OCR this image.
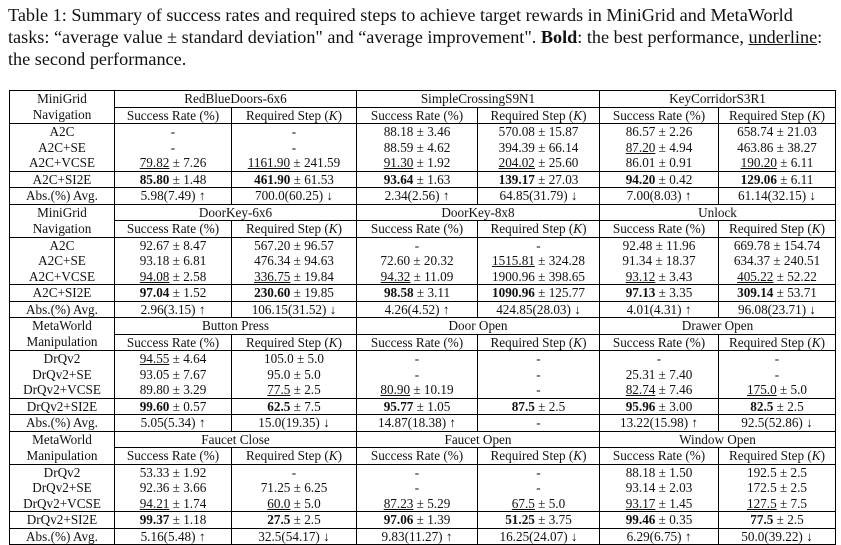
Table 1: Summary of success rates and required steps to achieve target rewards in MiniGrid and MetaWorld tasks: “average value ± standard deviation" and “average improvement". Bold: the best performance, underline: the second performance.
MiniGrid	RedBlueDoors-6x6		SimpleCrossingS9N1		KeyCorridorS3R1	
Navigation	Success Rate (%)	Required Step (K)	Success Rate (%)	Required Step (K)	Success Rate (%)	Required Step (K)
A2C	-	-	88.18 ± 3.46	570.08 ± 15.87	86.57 ± 2.26	658.74 ± 21.03
A2C+SE	-	-	88.59 ± 4.62	394.39 ± 66.14	87.20 ± 4.94	463.86 ± 38.27
A2C+VCSE	79.82 ± 7.26	1161.90 ± 241.59	91.30 ± 1.92	204.02 ± 25.60	86.01 ± 0.91	190.20 ± 6.11
A2C+SI2E	85.80 ± 1.48	461.90 ± 61.53	93.64 ± 1.63	139.17 ± 27.03	94.20 ± 0.42	129.06 ± 6.11
Abs.(%) Avg.	5.98(7.49) ↑	700.0(60.25) ↓	2.34(2.56) ↑	64.85(31.79) ↓	7.00(8.03) ↑	61.14(32.15) ↓
MiniGrid	DoorKey-6x6		DoorKey-8x8		Unlock	
Navigation	Success Rate (%)	Required Step (K)	Success Rate (%)	Required Step (K)	Success Rate (%)	Required Step (K)
A2C	92.67 ± 8.47	567.20 ± 96.57	-	-	92.48 ± 11.96	669.78 ± 154.74
A2C+SE	93.18 ± 6.81	476.34 ± 94.63	72.60 ± 20.32	1515.81 ± 324.28	91.34 ± 18.37	634.37 ± 240.51
A2C+VCSE	94.08 ± 2.58	336.75 ± 19.84	94.32 ± 11.09	1900.96 ± 398.65	93.12 ± 3.43	405.22 ± 52.22
A2C+SI2E	97.04 ± 1.52	230.60 ± 19.85	98.58 ± 3.11	1090.96 ± 125.77	97.13 ± 3.35	309.14 ± 53.71
Abs.(%) Avg.	2.96(3.15) ↑	106.15(31.52) ↓	4.26(4.52) ↑	424.85(28.03) ↓	4.01(4.31) ↑	96.08(23.71) ↓
MetaWorld	Button Press		Door Open		Drawer Open	
Manipulation	Success Rate (%)	Required Step (K)	Success Rate (%)	Required Step (K)	Success Rate (%)	Required Step (K)
DrQv2	94.55 ± 4.64	105.0 ± 5.0	-	-	-	-
DrQv2+SE	93.05 ± 7.67	95.0 ± 5.0	-	-	25.31 ± 7.40	-
DrQv2+VCSE	89.80 ± 3.29	77.5 ± 2.5	80.90 ± 10.19	-	82.74 ± 7.46	175.0 ± 5.0
DrQv2+SI2E	99.60 ± 0.57	62.5 ± 7.5	95.77 ± 1.05	87.5 ± 2.5	95.96 ± 3.00	82.5 ± 2.5
Abs.(%) Avg.	5.05(5.34) ↑	15.0(19.35) ↓	14.87(18.38) ↑	-	13.22(15.98) ↑	92.5(52.86) ↓
MetaWorld	Faucet Close		Faucet Open		Window Open	
Manipulation	Success Rate (%)	Required Step (K)	Success Rate (%)	Required Step (K)	Success Rate (%)	Required Step (K)
DrQv2	53.33 ± 1.92	-	-	-	88.18 ± 1.50	192.5 ± 2.5
DrQv2+SE	92.36 ± 3.66	71.25 ± 6.25	-	-	93.14 ± 2.03	172.5 ± 2.5
DrQv2+VCSE	94.21 ± 1.74	60.0 ± 5.0	87.23 ± 5.29	67.5 ± 5.0	93.17 ± 1.45	127.5 ± 7.5
DrQv2+SI2E	99.37 ± 1.18	27.5 ± 2.5	97.06 ± 1.39	51.25 ± 3.75	99.46 ± 0.35	77.5 ± 2.5
Abs.(%) Avg.	5.16(5.48) ↑	32.5(54.17) ↓	9.83(11.27) ↑	16.25(24.07) ↓	6.29(6.75) ↑	50.0(39.22) ↓
